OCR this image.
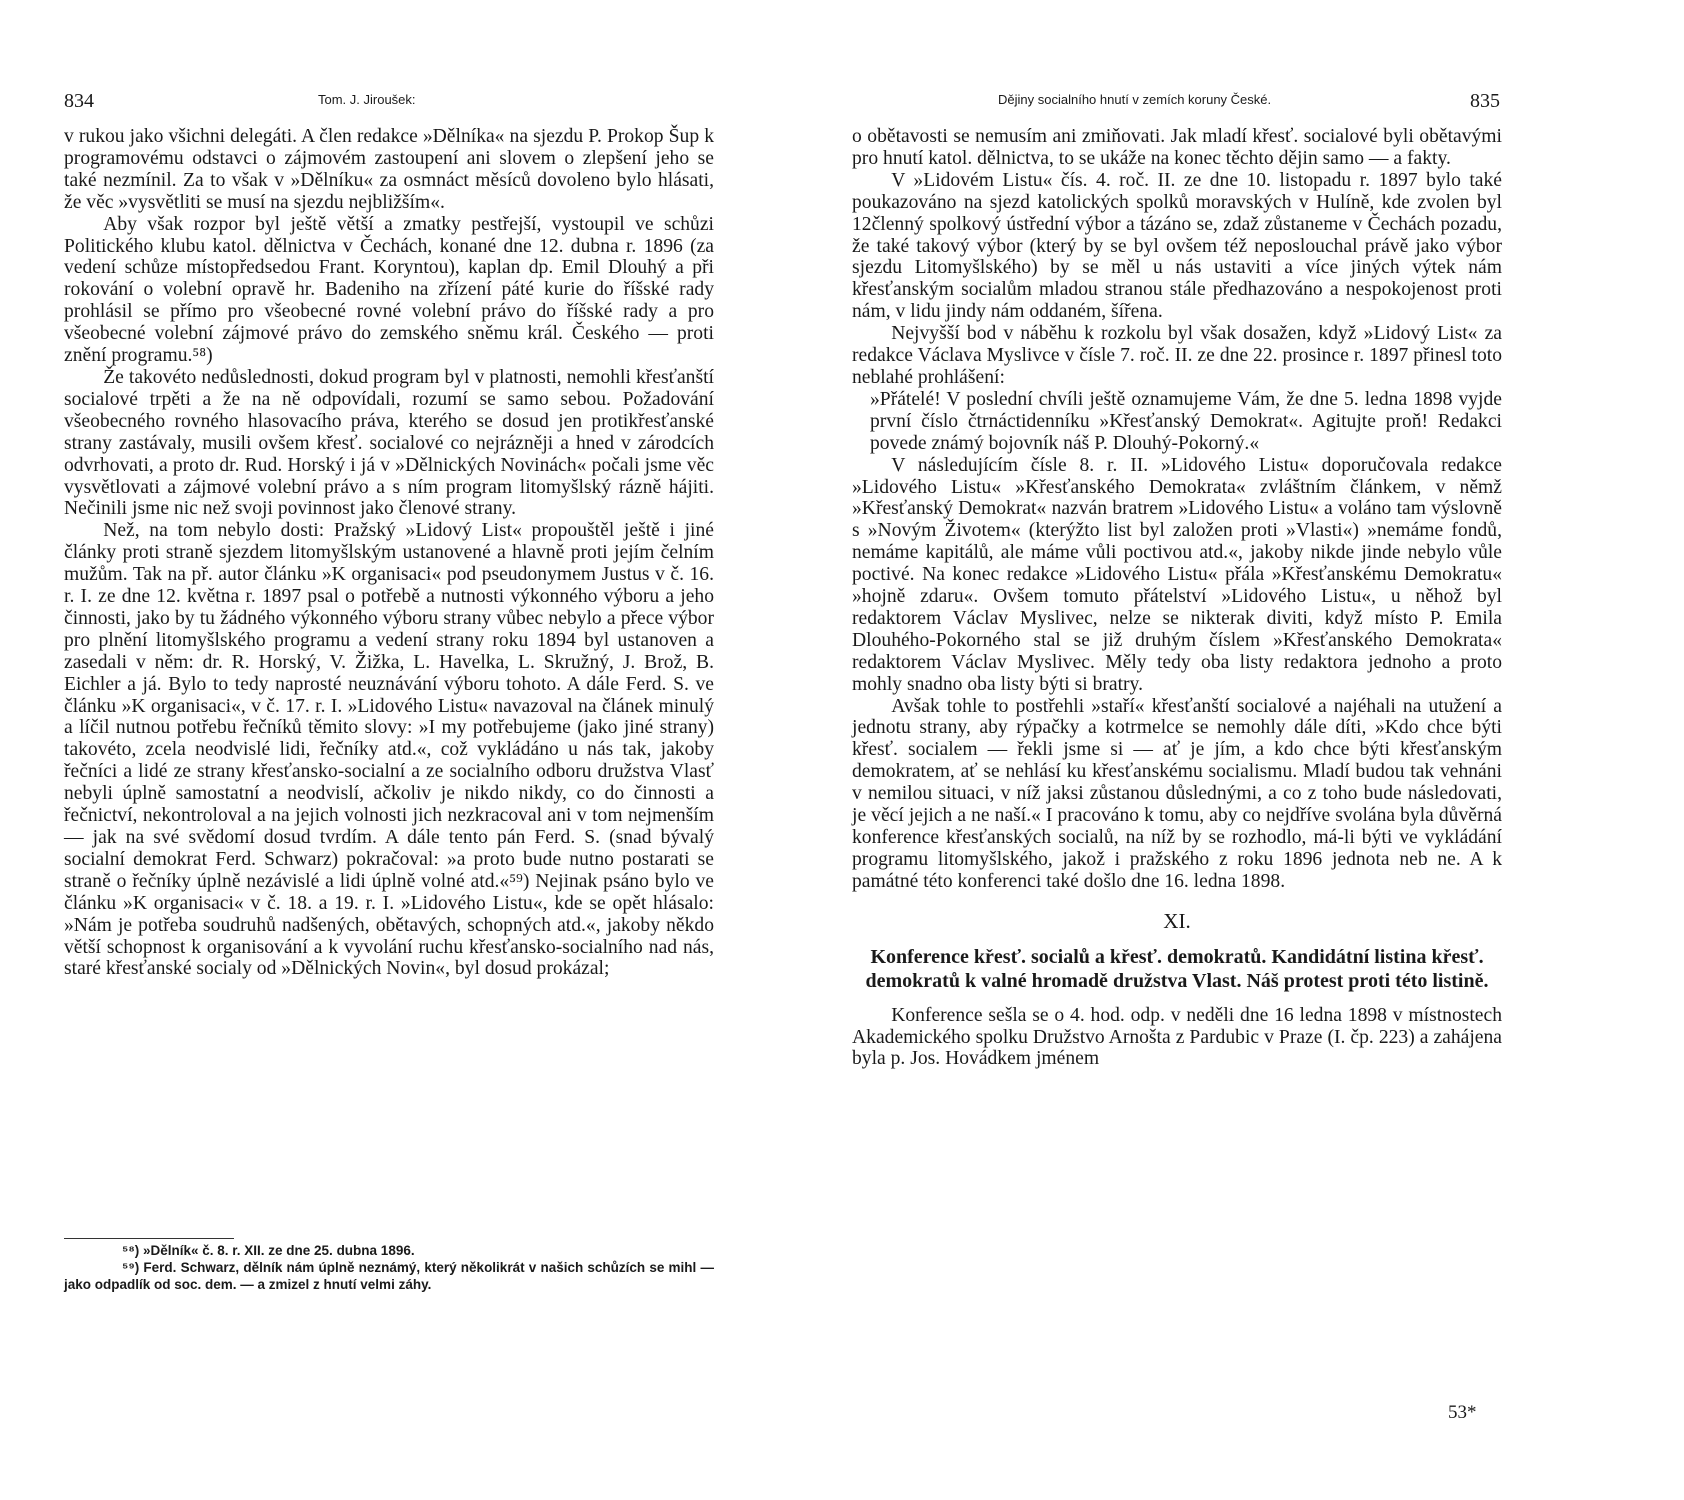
834	Tom. J. Jiroušek:

v rukou jako všichni delegáti. A člen redakce »Dělníka« na sjezdu P. Prokop Šup k programovému odstavci o zájmovém zastoupení ani slovem o zlepšení jeho se také nezmínil. Za to však v »Dělníku« za osmnáct měsíců dovoleno bylo hlásati, že věc »vysvětliti se musí na sjezdu nejbližším«.

Aby však rozpor byl ještě větší a zmatky pestřejší, vystoupil ve schůzi Politického klubu katol. dělnictva v Čechách, konané dne 12. dubna r. 1896 (za vedení schůze místopředsedou Frant. Koryntou), kaplan dp. Emil Dlouhý a při rokování o volební opravě hr. Badeniho na zřízení páté kurie do říšské rady prohlásil se přímo pro všeobecné rovné volební právo do říšské rady a pro všeobecné volební zájmové právo do zemského sněmu král. Českého — proti znění programu.⁵⁸)

Že takovéto nedůslednosti, dokud program byl v platnosti, nemohli křesťanští socialové trpěti a že na ně odpovídali, rozumí se samo sebou. Požadování všeobecného rovného hlasovacího práva, kterého se dosud jen protikřesťanské strany zastávaly, musili ovšem křesť. socialové co nejrázněji a hned v zárodcích odvrhovati, a proto dr. Rud. Horský i já v »Dělnických Novinách« počali jsme věc vysvětlovati a zájmové volební právo a s ním program litomyšlský rázně hájiti. Nečinili jsme nic než svoji povinnost jako členové strany.

Než, na tom nebylo dosti: Pražský »Lidový List« propouštěl ještě i jiné články proti straně sjezdem litomyšlským ustanovené a hlavně proti jejím čelním mužům. Tak na př. autor článku »K organisaci« pod pseudonymem Justus v č. 16. r. I. ze dne 12. května r. 1897 psal o potřebě a nutnosti výkonného výboru a jeho činnosti, jako by tu žádného výkonného výboru strany vůbec nebylo a přece výbor pro plnění litomyšlského programu a vedení strany roku 1894 byl ustanoven a zasedali v něm: dr. R. Horský, V. Žižka, L. Havelka, L. Skružný, J. Brož, B. Eichler a já. Bylo to tedy naprosté neuznávání výboru tohoto. A dále Ferd. S. ve článku »K organisaci«, v č. 17. r. I. »Lidového Listu« navazoval na článek minulý a líčil nutnou potřebu řečníků těmito slovy: »I my potřebujeme (jako jiné strany) takovéto, zcela neodvislé lidi, řečníky atd.«, což vykládáno u nás tak, jakoby řečníci a lidé ze strany křesťansko-socialní a ze socialního odboru družstva Vlasť nebyli úplně samostatní a neodvislí, ačkoliv je nikdo nikdy, co do činnosti a řečnictví, nekontroloval a na jejich volnosti jich nezkracoval ani v tom nejmenším — jak na své svědomí dosud tvrdím. A dále tento pán Ferd. S. (snad bývalý socialní demokrat Ferd. Schwarz) pokračoval: »a proto bude nutno postarati se straně o řečníky úplně nezávislé a lidi úplně volné atd.«⁵⁹) Nejinak psáno bylo ve článku »K organisaci« v č. 18. a 19. r. I. »Lidového Listu«, kde se opět hlásalo: »Nám je potřeba soudruhů nadšených, obětavých, schopných atd.«, jakoby někdo větší schopnost k organisování a k vyvolání ruchu křesťansko-socialního nad nás, staré křesťanské socialy od »Dělnických Novin«, byl dosud prokázal;

⁵⁸) »Dělník« č. 8. r. XII. ze dne 25. dubna 1896.

⁵⁹) Ferd. Schwarz, dělník nám úplně neznámý, který několikrát v našich schůzích se mihl — jako odpadlík od soc. dem. — a zmizel z hnutí velmi záhy.

Dějiny socialního hnutí v zemích koruny České.	835

o obětavosti se nemusím ani zmiňovati. Jak mladí křesť. socialové byli obětavými pro hnutí katol. dělnictva, to se ukáže na konec těchto dějin samo — a fakty.

V »Lidovém Listu« čís. 4. roč. II. ze dne 10. listopadu r. 1897 bylo také poukazováno na sjezd katolických spolků moravských v Hulíně, kde zvolen byl 12členný spolkový ústřední výbor a tázáno se, zdaž zůstaneme v Čechách pozadu, že také takový výbor (který by se byl ovšem též neposlouchal právě jako výbor sjezdu Litomyšlského) by se měl u nás ustaviti a více jiných výtek nám křesťanským socialům mladou stranou stále předhazováno a nespokojenost proti nám, v lidu jindy nám oddaném, šířena.

Nejvyšší bod v náběhu k rozkolu byl však dosažen, když »Lidový List« za redakce Václava Myslivce v čísle 7. roč. II. ze dne 22. prosince r. 1897 přinesl toto neblahé prohlášení:

»Přátelé! V poslední chvíli ještě oznamujeme Vám, že dne 5. ledna 1898 vyjde první číslo čtrnáctidenníku »Křesťanský Demokrat«. Agitujte proň! Redakci povede známý bojovník náš P. Dlouhý-Pokorný.«

V následujícím čísle 8. r. II. »Lidového Listu« doporučovala redakce »Lidového Listu« »Křesťanského Demokrata« zvláštním článkem, v němž »Křesťanský Demokrat« nazván bratrem »Lidového Listu« a voláno tam výslovně s »Novým Životem« (kterýžto list byl založen proti »Vlasti«) »nemáme fondů, nemáme kapitálů, ale máme vůli poctivou atd.«, jakoby nikde jinde nebylo vůle poctivé. Na konec redakce »Lidového Listu« přála »Křesťanskému Demokratu« »hojně zdaru«. Ovšem tomuto přátelství »Lidového Listu«, u něhož byl redaktorem Václav Myslivec, nelze se nikterak diviti, když místo P. Emila Dlouhého-Pokorného stal se již druhým číslem »Křesťanského Demokrata« redaktorem Václav Myslivec. Měly tedy oba listy redaktora jednoho a proto mohly snadno oba listy býti si bratry.

Avšak tohle to postřehli »staří« křesťanští socialové a najéhali na utužení a jednotu strany, aby rýpačky a kotrmelce se nemohly dále díti, »Kdo chce býti křesť. socialem — řekli jsme si — ať je jím, a kdo chce býti křesťanským demokratem, ať se nehlásí ku křesťanskému socialismu. Mladí budou tak vehnáni v nemilou situaci, v níž jaksi zůstanou důslednými, a co z toho bude následovati, je věcí jejich a ne naší.« I pracováno k tomu, aby co nejdříve svolána byla důvěrná konference křesťanských socialů, na níž by se rozhodlo, má-li býti ve vykládání programu litomyšlského, jakož i pražského z roku 1896 jednota neb ne. A k památné této konferenci také došlo dne 16. ledna 1898.

XI.
Konference křesť. socialů a křesť. demokratů. Kandidátní listina křesť. demokratů k valné hromadě družstva Vlast. Náš protest proti této listině.

Konference sešla se o 4. hod. odp. v neděli dne 16 ledna 1898 v místnostech Akademického spolku Družstvo Arnošta z Pardubic v Praze (I. čp. 223) a zahájena byla p. Jos. Hovádkem jménem

53*
